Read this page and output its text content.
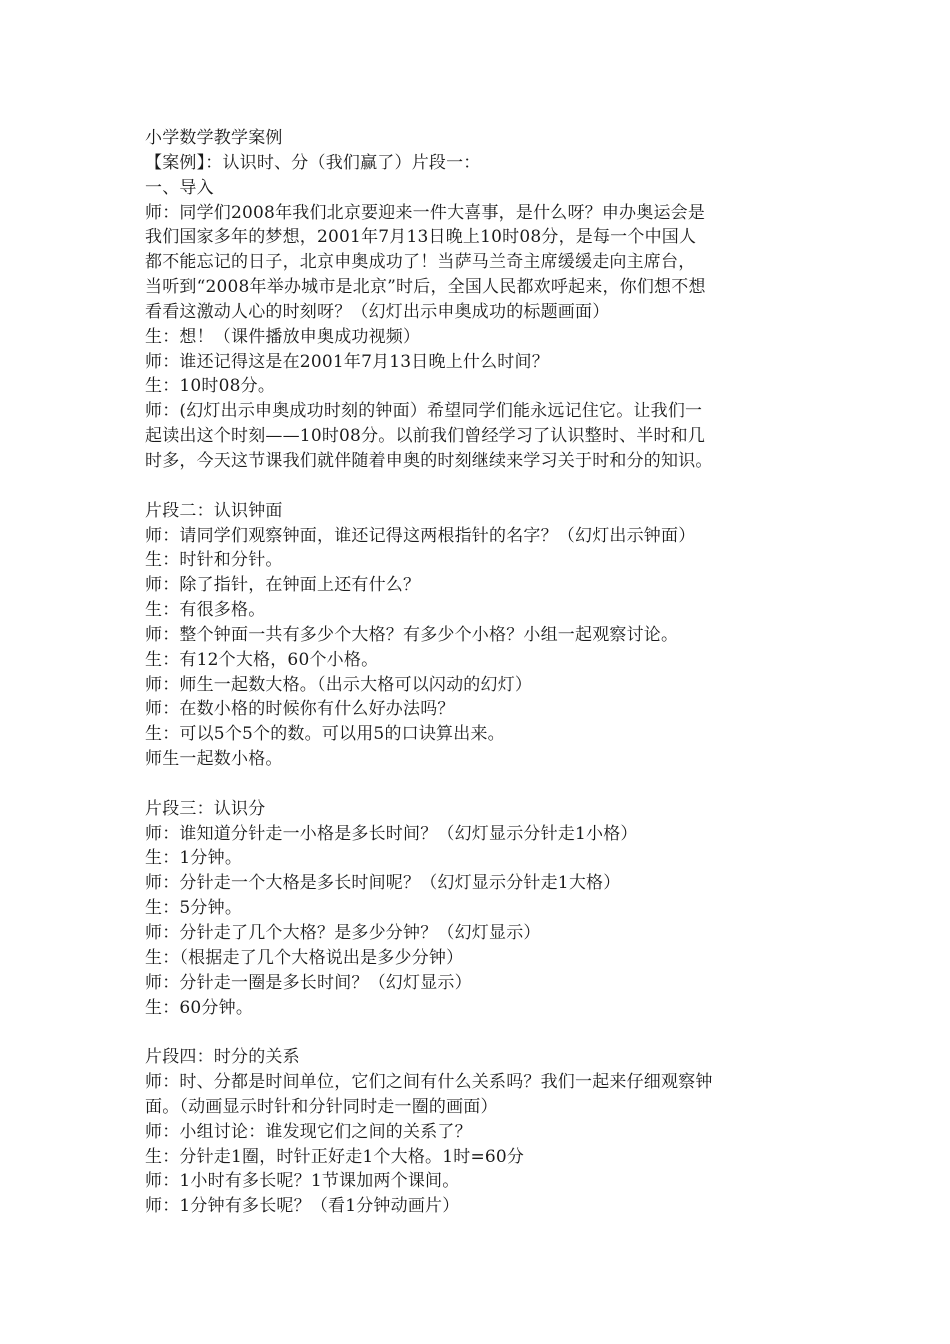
小学数学教学案例
【案例】：认识时、分（我们赢了）片段一：
一、导入
师：同学们2008年我们北京要迎来一件大喜事，是什么呀？申办奥运会是
我们国家多年的梦想，2001年7月13日晚上10时08分，是每一个中国人
都不能忘记的日子，北京申奥成功了！当萨马兰奇主席缓缓走向主席台，
当听到“2008年举办城市是北京”时后，全国人民都欢呼起来，你们想不想
看看这激动人心的时刻呀？（幻灯出示申奥成功的标题画面）
生：想！（课件播放申奥成功视频）
师：谁还记得这是在2001年7月13日晚上什么时间？
生：10时08分。
师：(幻灯出示申奥成功时刻的钟面）希望同学们能永远记住它。让我们一
起读出这个时刻——10时08分。以前我们曾经学习了认识整时、半时和几
时多，今天这节课我们就伴随着申奥的时刻继续来学习关于时和分的知识。
片段二：认识钟面
师：请同学们观察钟面，谁还记得这两根指针的名字？（幻灯出示钟面）
生：时针和分针。
师：除了指针，在钟面上还有什么？
生：有很多格。
师：整个钟面一共有多少个大格？有多少个小格？小组一起观察讨论。
生：有12个大格，60个小格。
师：师生一起数大格。（出示大格可以闪动的幻灯）
师：在数小格的时候你有什么好办法吗？
生：可以5个5个的数。可以用5的口诀算出来。
师生一起数小格。
片段三：认识分
师：谁知道分针走一小格是多长时间？（幻灯显示分针走1小格）
生：1分钟。
师：分针走一个大格是多长时间呢？（幻灯显示分针走1大格）
生：5分钟。
师：分针走了几个大格？是多少分钟？（幻灯显示）
生：（根据走了几个大格说出是多少分钟）
师：分针走一圈是多长时间？（幻灯显示）
生：60分钟。
片段四：时分的关系
师：时、分都是时间单位，它们之间有什么关系吗？我们一起来仔细观察钟
面。（动画显示时针和分针同时走一圈的画面）
师：小组讨论：谁发现它们之间的关系了？
生：分针走1圈，时针正好走1个大格。1时=60分
师：1小时有多长呢？1节课加两个课间。
师：1分钟有多长呢？（看1分钟动画片）
